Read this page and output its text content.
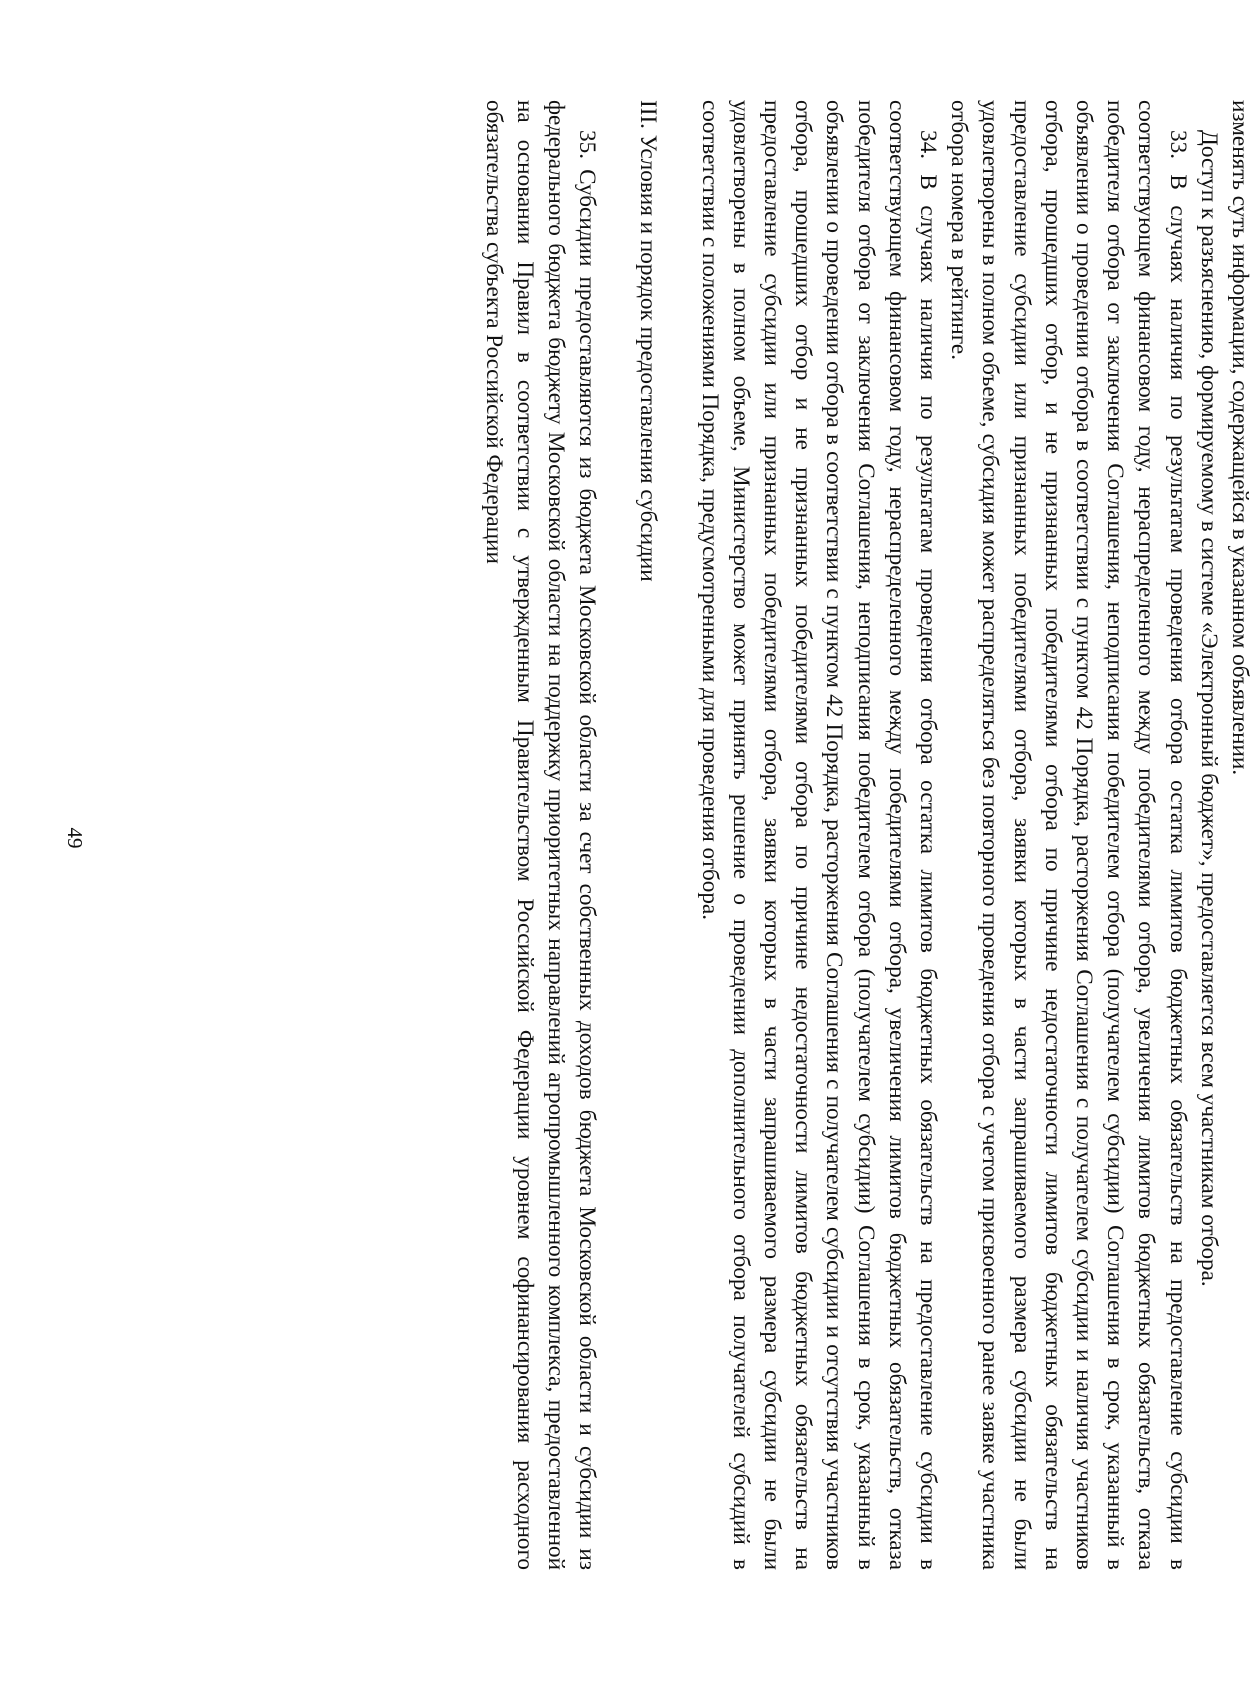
49

изменять суть информации, содержащейся в указанном объявлении.

Доступ к разъяснению, формируемому в системе «Электронный бюджет», предоставляется всем участникам отбора.

33. В случаях наличия по результатам проведения отбора остатка лимитов бюджетных обязательств на предоставление субсидии в соответствующем финансовом году, нераспределенного между победителями отбора, увеличения лимитов бюджетных обязательств, отказа победителя отбора от заключения Соглашения, неподписания победителем отбора (получателем субсидии) Соглашения в срок, указанный в объявлении о проведении отбора в соответствии с пунктом 42 Порядка, расторжения Соглашения с получателем субсидии и наличия участников отбора, прошедших отбор, и не признанных победителями отбора по причине недостаточности лимитов бюджетных обязательств на предоставление субсидии или признанных победителями отбора, заявки которых в части запрашиваемого размера субсидии не были удовлетворены в полном объеме, субсидия может распределяться без повторного проведения отбора с учетом присвоенного ранее заявке участника отбора номера в рейтинге.

34. В случаях наличия по результатам проведения отбора остатка лимитов бюджетных обязательств на предоставление субсидии в соответствующем финансовом году, нераспределенного между победителями отбора, увеличения лимитов бюджетных обязательств, отказа победителя отбора от заключения Соглашения, неподписания победителем отбора (получателем субсидии) Соглашения в срок, указанный в объявлении о проведении отбора в соответствии с пунктом 42 Порядка, расторжения Соглашения с получателем субсидии и отсутствия участников отбора, прошедших отбор и не признанных победителями отбора по причине недостаточности лимитов бюджетных обязательств на предоставление субсидии или признанных победителями отбора, заявки которых в части запрашиваемого размера субсидии не были удовлетворены в полном объеме, Министерство может принять решение о проведении дополнительного отбора получателей субсидий в соответствии с положениями Порядка, предусмотренными для проведения отбора.

III. Условия и порядок предоставления субсидии

35. Субсидии предоставляются из бюджета Московской области за счет собственных доходов бюджета Московской области и субсидии из федерального бюджета бюджету Московской области на поддержку приоритетных направлений агропромышленного комплекса, предоставленной на основании Правил в соответствии с утвержденным Правительством Российской Федерации уровнем софинансирования расходного обязательства субъекта Российской Федерации
